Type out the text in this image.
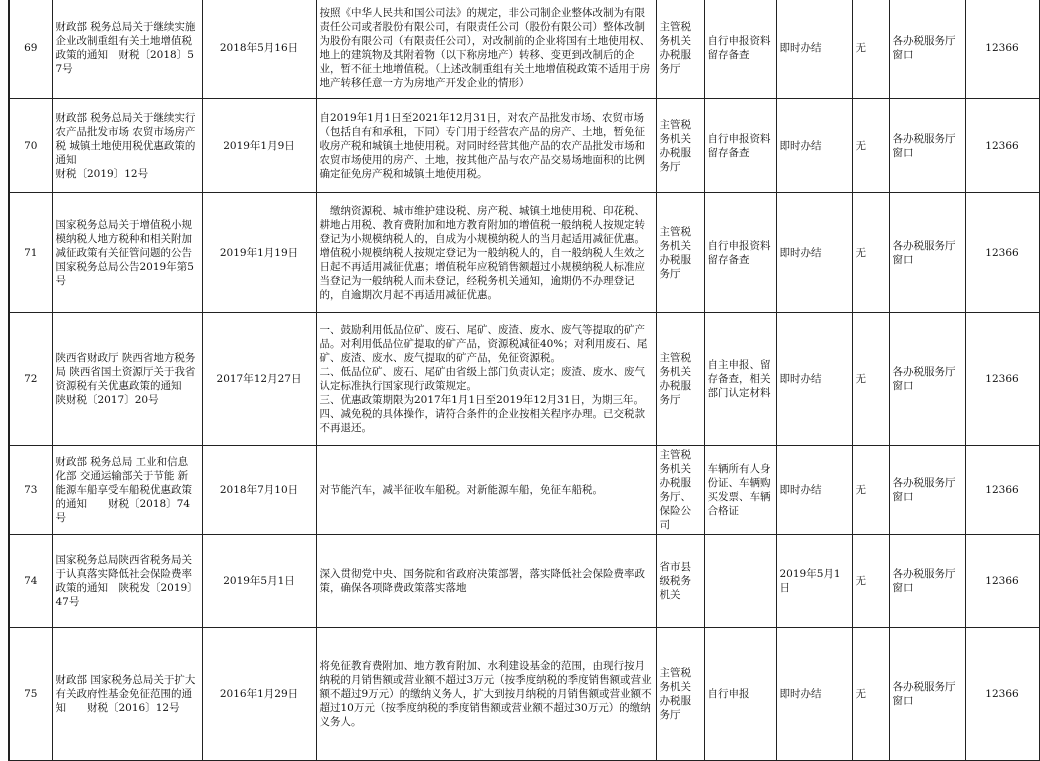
69	财政部 税务总局关于继续实施企业改制重组有关土地增值税政策的通知　财税〔2018〕57号	2018年5月16日	按照《中华人民共和国公司法》的规定，非公司制企业整体改制为有限责任公司或者股份有限公司，有限责任公司（股份有限公司）整体改制为股份有限公司（有限责任公司），对改制前的企业将国有土地使用权、地上的建筑物及其附着物（以下称房地产）转移、变更到改制后的企业，暂不征土地增值税。（上述改制重组有关土地增值税政策不适用于房地产转移任意一方为房地产开发企业的情形）	主管税务机关办税服务厅	自行申报资料留存备查	即时办结	无	各办税服务厅窗口	12366
70	财政部 税务总局关于继续实行农产品批发市场 农贸市场房产税 城镇土地使用税优惠政策的通知
财税〔2019〕12号	2019年1月9日	自2019年1月1日至2021年12月31日，对农产品批发市场、农贸市场（包括自有和承租，下同）专门用于经营农产品的房产、土地，暂免征收房产税和城镇土地使用税。对同时经营其他产品的农产品批发市场和农贸市场使用的房产、土地，按其他产品与农产品交易场地面积的比例确定征免房产税和城镇土地使用税。	主管税务机关办税服务厅	自行申报资料留存备查	即时办结	无	各办税服务厅窗口	12366
71	国家税务总局关于增值税小规模纳税人地方税种和相关附加减征政策有关征管问题的公告　国家税务总局公告2019年第5号	2019年1月19日	　缴纳资源税、城市维护建设税、房产税、城镇土地使用税、印花税、耕地占用税、教育费附加和地方教育附加的增值税一般纳税人按规定转登记为小规模纳税人的，自成为小规模纳税人的当月起适用减征优惠。增值税小规模纳税人按规定登记为一般纳税人的，自一般纳税人生效之日起不再适用减征优惠；增值税年应税销售额超过小规模纳税人标准应当登记为一般纳税人而未登记，经税务机关通知，逾期仍不办理登记的，自逾期次月起不再适用减征优惠。	主管税务机关办税服务厅	自行申报资料留存备查	即时办结	无	各办税服务厅窗口	12366
72	陕西省财政厅 陕西省地方税务局 陕西省国土资源厅关于我省资源税有关优惠政策的通知　陕财税〔2017〕20号	2017年12月27日	一、鼓励利用低品位矿、废石、尾矿、废渣、废水、废气等提取的矿产品。对利用低品位矿提取的矿产品，资源税减征40%；对利用废石、尾矿、废渣、废水、废气提取的矿产品，免征资源税。
二、低品位矿、废石、尾矿由省级上部门负责认定；废渣、废水、废气认定标准执行国家现行政策规定。
三、优惠政策期限为2017年1月1日至2019年12月31日，为期三年。
四、减免税的具体操作，请符合条件的企业按相关程序办理。已交税款不再退还。	主管税务机关办税服务厅	自主申报、留存备查，相关部门认定材料	即时办结	无	各办税服务厅窗口	12366
73	财政部 税务总局 工业和信息化部 交通运输部关于节能 新能源车船享受车船税优惠政策的通知　　财税〔2018〕74号	2018年7月10日	对节能汽车，减半征收车船税。对新能源车船，免征车船税。	主管税务机关办税服务厅、保险公司	车辆所有人身份证、车辆购买发票、车辆合格证	即时办结	无	各办税服务厅窗口	12366
74	国家税务总局陕西省税务局关于认真落实降低社会保险费率政策的通知　陕税发〔2019〕47号	2019年5月1日	深入贯彻党中央、国务院和省政府决策部署，落实降低社会保险费率政策，确保各项降费政策落实落地	省市县级税务机关		2019年5月1日	无	各办税服务厅窗口	12366
75	财政部 国家税务总局关于扩大有关政府性基金免征范围的通知　　财税〔2016〕12号	2016年1月29日	将免征教育费附加、地方教育附加、水利建设基金的范围，由现行按月纳税的月销售额或营业额不超过3万元（按季度纳税的季度销售额或营业额不超过9万元）的缴纳义务人，扩大到按月纳税的月销售额或营业额不超过10万元（按季度纳税的季度销售额或营业额不超过30万元）的缴纳义务人。	主管税务机关办税服务厅	自行申报	即时办结	无	各办税服务厅窗口	12366
